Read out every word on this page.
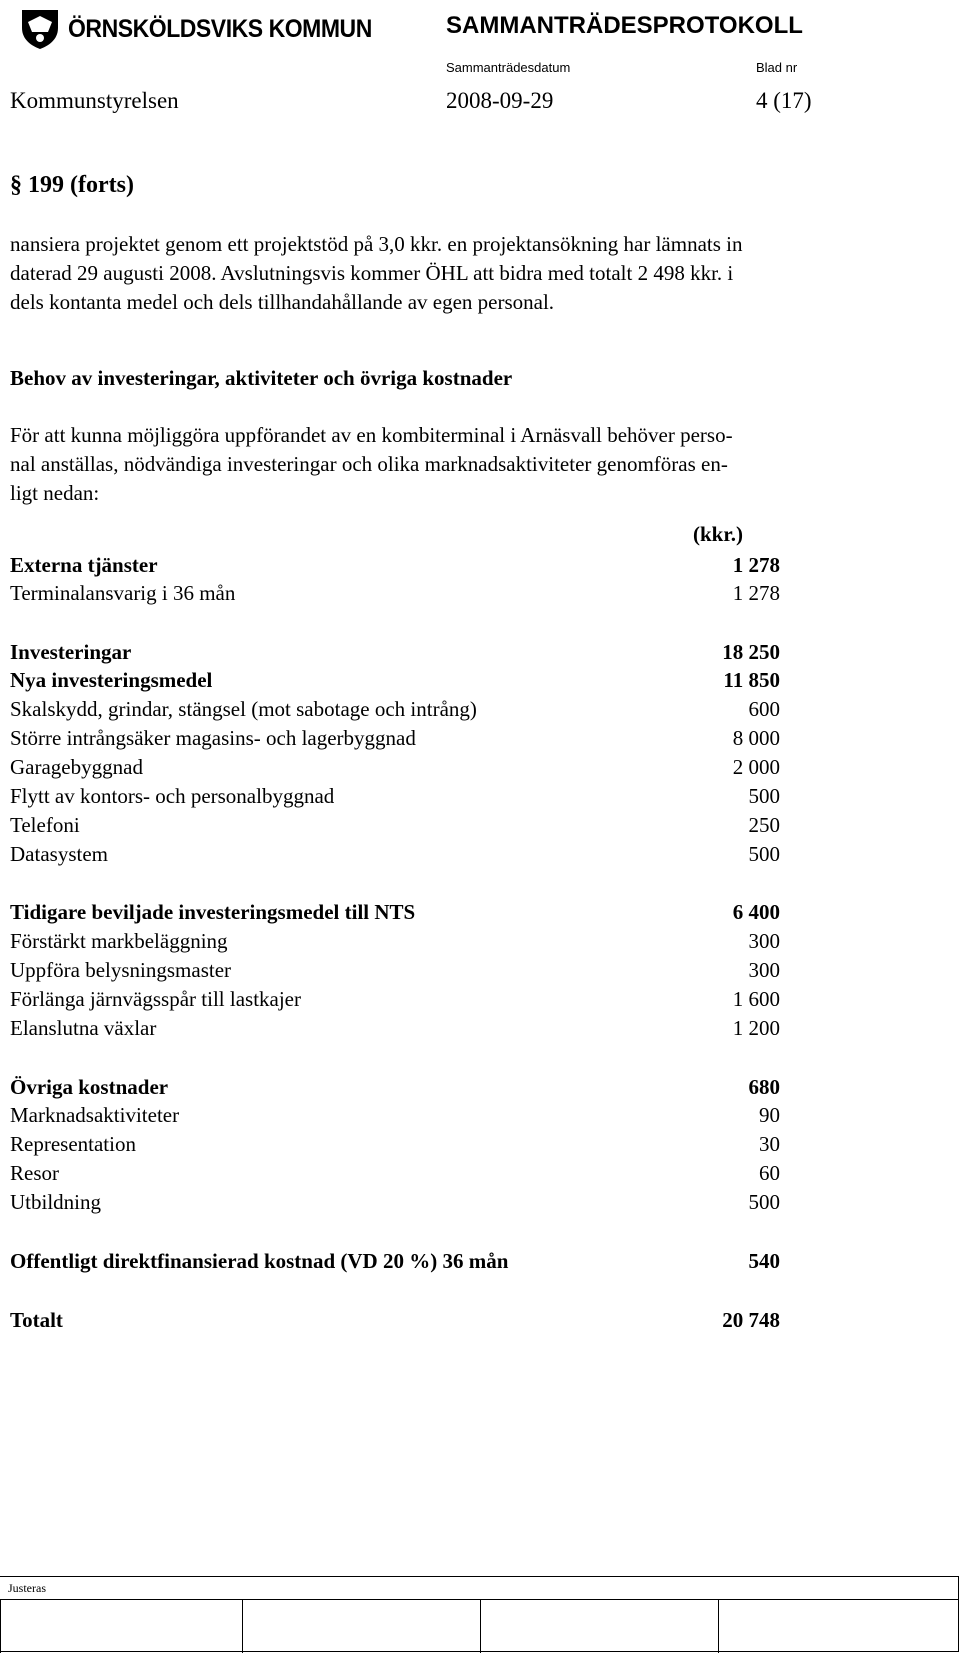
ÖRNSKÖLDSVIKS KOMMUN	SAMMANTRÄDESPROTOKOLL
Sammanträdesdatum	Blad nr
Kommunstyrelsen	2008-09-29	4 (17)
§ 199 (forts)
nansiera projektet genom ett projektstöd på 3,0 kkr. en projektansökning har lämnats in
daterad 29 augusti 2008. Avslutningsvis kommer ÖHL att bidra med totalt 2 498 kkr. i
dels kontanta medel och dels tillhandahållande av egen personal.
Behov av investeringar, aktiviteter och övriga kostnader
För att kunna möjliggöra uppförandet av en kombiterminal i Arnäsvall behöver perso-
nal anställas, nödvändiga investeringar och olika marknadsaktiviteter genomföras en-
ligt nedan:
(kkr.)
Externa tjänster	1 278
Terminalansvarig i 36 mån	1 278
Investeringar	18 250
Nya investeringsmedel	11 850
Skalskydd, grindar, stängsel (mot sabotage och intrång)	600
Större intrångsäker magasins- och lagerbyggnad	8 000
Garagebyggnad	2 000
Flytt av kontors- och personalbyggnad	500
Telefoni	250
Datasystem	500
Tidigare beviljade investeringsmedel till NTS	6 400
Förstärkt markbeläggning	300
Uppföra belysningsmaster	300
Förlänga järnvägsspår till lastkajer	1 600
Elanslutna växlar	1 200
Övriga kostnader	680
Marknadsaktiviteter	90
Representation	30
Resor	60
Utbildning	500
Offentligt direktfinansierad kostnad (VD 20 %) 36 mån	540
Totalt	20 748
Justeras
